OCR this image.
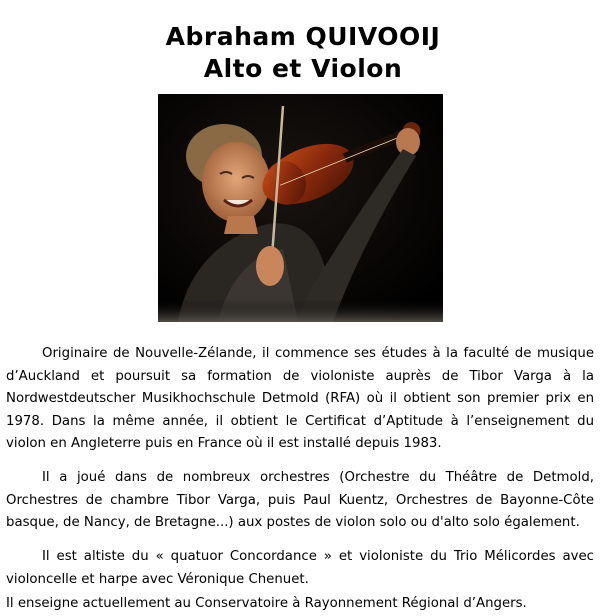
Abraham QUIVOOIJ
Alto et Violon

Originaire de Nouvelle-Zélande, il commence ses études à la faculté de musique d’Auckland et poursuit sa formation de violoniste auprès de Tibor Varga à la Nordwestdeutscher Musikhochschule Detmold (RFA) où il obtient son premier prix en 1978. Dans la même année, il obtient le Certificat d’Aptitude à l’enseignement du violon en Angleterre puis en France où il est installé depuis 1983.

Il a joué dans de nombreux orchestres (Orchestre du Théâtre de Detmold, Orchestres de chambre Tibor Varga, puis Paul Kuentz, Orchestres de Bayonne-Côte basque, de Nancy, de Bretagne...) aux postes de violon solo ou d'alto solo également.

Il est altiste du « quatuor Concordance » et violoniste du Trio Mélicordes avec violoncelle et harpe avec Véronique Chenuet.

Il enseigne actuellement au Conservatoire à Rayonnement Régional d’Angers.
